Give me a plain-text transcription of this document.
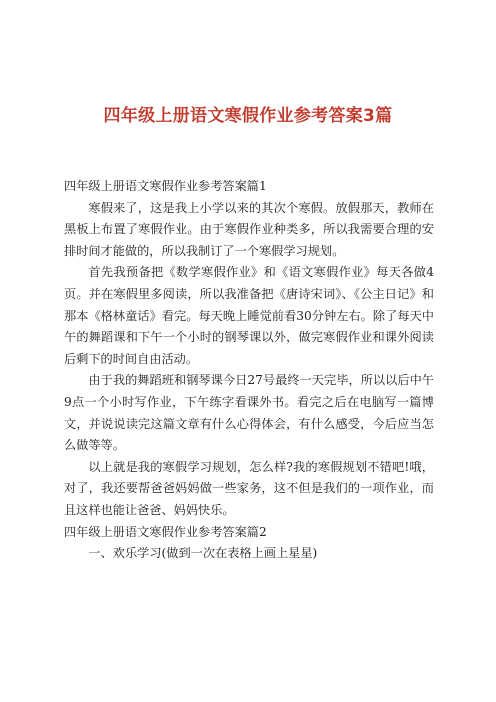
四年级上册语文寒假作业参考答案3篇

四年级上册语文寒假作业参考答案篇1

寒假来了，这是我上小学以来的其次个寒假。放假那天，教师在黑板上布置了寒假作业。由于寒假作业种类多，所以我需要合理的安排时间才能做的，所以我制订了一个寒假学习规划。

首先我预备把《数学寒假作业》和《语文寒假作业》每天各做4页。并在寒假里多阅读，所以我准备把《唐诗宋词》、《公主日记》和那本《格林童话》看完。每天晚上睡觉前看30分钟左右。除了每天中午的舞蹈课和下午一个小时的钢琴课以外，做完寒假作业和课外阅读后剩下的时间自由活动。

由于我的舞蹈班和钢琴课今日27号最终一天完毕，所以以后中午9点一个小时写作业，下午练字看课外书。看完之后在电脑写一篇博文，并说说读完这篇文章有什么心得体会，有什么感受，今后应当怎么做等等。

以上就是我的寒假学习规划，怎么样?我的寒假规划不错吧!哦，对了，我还要帮爸爸妈妈做一些家务，这不但是我们的一项作业，而且这样也能让爸爸、妈妈快乐。

四年级上册语文寒假作业参考答案篇2

一、欢乐学习(做到一次在表格上画上星星)
